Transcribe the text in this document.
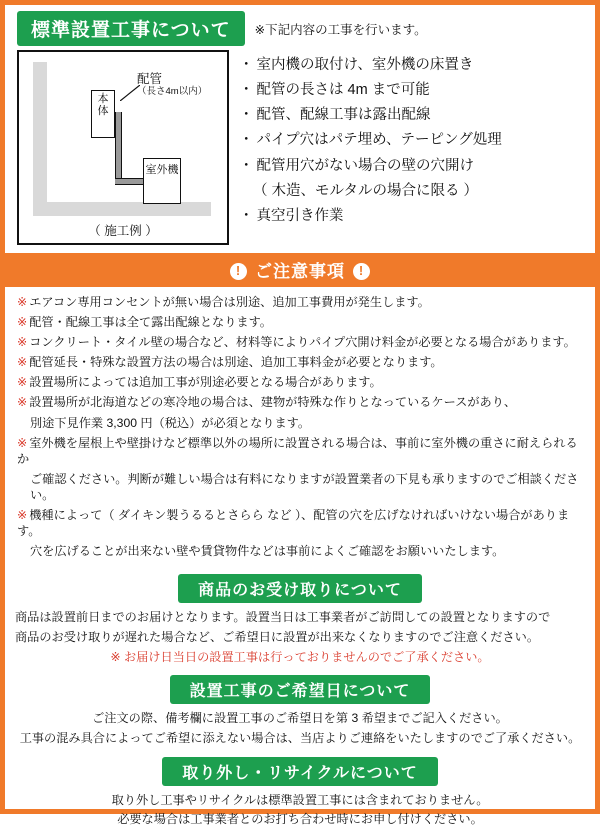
標準設置工事について	※下記内容の工事を行います。
本体
室外機
配管
（長さ4m以内）
（ 施工例 ）
・ 室内機の取付け、室外機の床置き
・ 配管の長さは 4m まで可能
・ 配管、配線工事は露出配線
・ パイプ穴はパテ埋め、テーピング処理
・ 配管用穴がない場合の壁の穴開け
（ 木造、モルタルの場合に限る ）
・ 真空引き作業
! ご注意事項 !
※ エアコン専用コンセントが無い場合は別途、追加工事費用が発生します。
※ 配管・配線工事は全て露出配線となります。
※ コンクリート・タイル壁の場合など、材料等によりパイプ穴開け料金が必要となる場合があります。
※ 配管延長・特殊な設置方法の場合は別途、追加工事料金が必要となります。
※ 設置場所によっては追加工事が別途必要となる場合があります。
※ 設置場所が北海道などの寒冷地の場合は、建物が特殊な作りとなっているケースがあり、
別途下見作業 3,300 円（税込）が必須となります。
※ 室外機を屋根上や壁掛けなど標準以外の場所に設置される場合は、事前に室外機の重さに耐えられるか
ご確認ください。判断が難しい場合は有料になりますが設置業者の下見も承りますのでご相談ください。
※ 機種によって（ ダイキン製うるるとさらら など ）、配管の穴を広げなければいけない場合があります。
穴を広げることが出来ない壁や賃貸物件などは事前によくご確認をお願いいたします。
商品のお受け取りについて

商品は設置前日までのお届けとなります。設置当日は工事業者がご訪問しての設置となりますので

商品のお受け取りが遅れた場合など、ご希望日に設置が出来なくなりますのでご注意ください。

※ お届け日当日の設置工事は行っておりませんのでご了承ください。

設置工事のご希望日について

ご注文の際、備考欄に設置工事のご希望日を第 3 希望までご記入ください。

工事の混み具合によってご希望に添えない場合は、当店よりご連絡をいたしますのでご了承ください。

取り外し・リサイクルについて

取り外し工事やリサイクルは標準設置工事には含まれておりません。

必要な場合は工事業者とのお打ち合わせ時にお申し付けください。
